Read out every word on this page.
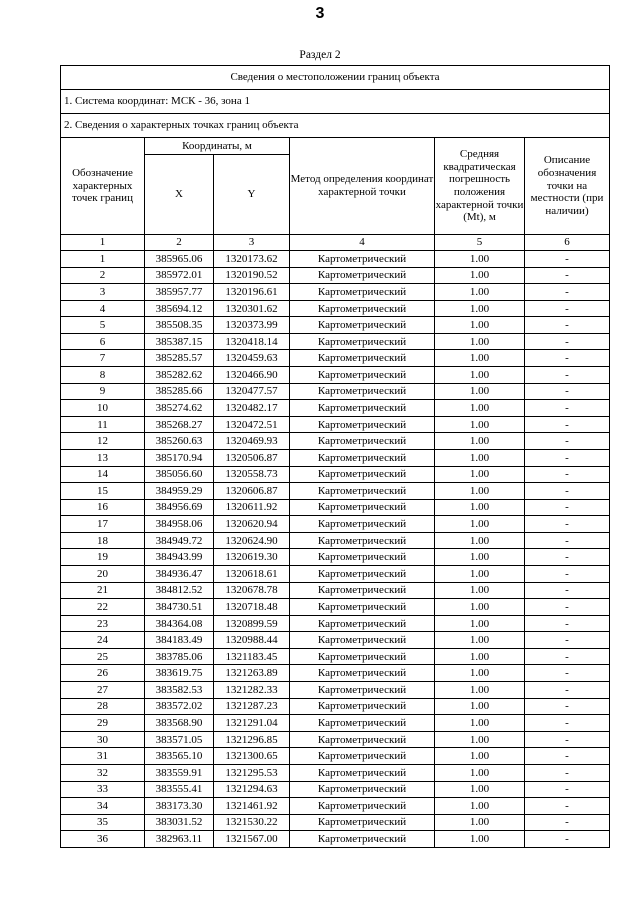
3
Раздел 2
Сведения о местоположении границ объекта					
1. Система координат: МСК - 36, зона 1					
2. Сведения о характерных точках границ объекта					
Обозначение характерных точек границ	Координаты, м		Метод определения координат характерной точки	Средняя квадратическая погрешность положения характерной точки (Mt), м	Описание обозначения точки на местности (при наличии)
	X	Y			
1	2	3	4	5	6
1	385965.06	1320173.62	Картометрический	1.00	-
2	385972.01	1320190.52	Картометрический	1.00	-
3	385957.77	1320196.61	Картометрический	1.00	-
4	385694.12	1320301.62	Картометрический	1.00	-
5	385508.35	1320373.99	Картометрический	1.00	-
6	385387.15	1320418.14	Картометрический	1.00	-
7	385285.57	1320459.63	Картометрический	1.00	-
8	385282.62	1320466.90	Картометрический	1.00	-
9	385285.66	1320477.57	Картометрический	1.00	-
10	385274.62	1320482.17	Картометрический	1.00	-
11	385268.27	1320472.51	Картометрический	1.00	-
12	385260.63	1320469.93	Картометрический	1.00	-
13	385170.94	1320506.87	Картометрический	1.00	-
14	385056.60	1320558.73	Картометрический	1.00	-
15	384959.29	1320606.87	Картометрический	1.00	-
16	384956.69	1320611.92	Картометрический	1.00	-
17	384958.06	1320620.94	Картометрический	1.00	-
18	384949.72	1320624.90	Картометрический	1.00	-
19	384943.99	1320619.30	Картометрический	1.00	-
20	384936.47	1320618.61	Картометрический	1.00	-
21	384812.52	1320678.78	Картометрический	1.00	-
22	384730.51	1320718.48	Картометрический	1.00	-
23	384364.08	1320899.59	Картометрический	1.00	-
24	384183.49	1320988.44	Картометрический	1.00	-
25	383785.06	1321183.45	Картометрический	1.00	-
26	383619.75	1321263.89	Картометрический	1.00	-
27	383582.53	1321282.33	Картометрический	1.00	-
28	383572.02	1321287.23	Картометрический	1.00	-
29	383568.90	1321291.04	Картометрический	1.00	-
30	383571.05	1321296.85	Картометрический	1.00	-
31	383565.10	1321300.65	Картометрический	1.00	-
32	383559.91	1321295.53	Картометрический	1.00	-
33	383555.41	1321294.63	Картометрический	1.00	-
34	383173.30	1321461.92	Картометрический	1.00	-
35	383031.52	1321530.22	Картометрический	1.00	-
36	382963.11	1321567.00	Картометрический	1.00	-
